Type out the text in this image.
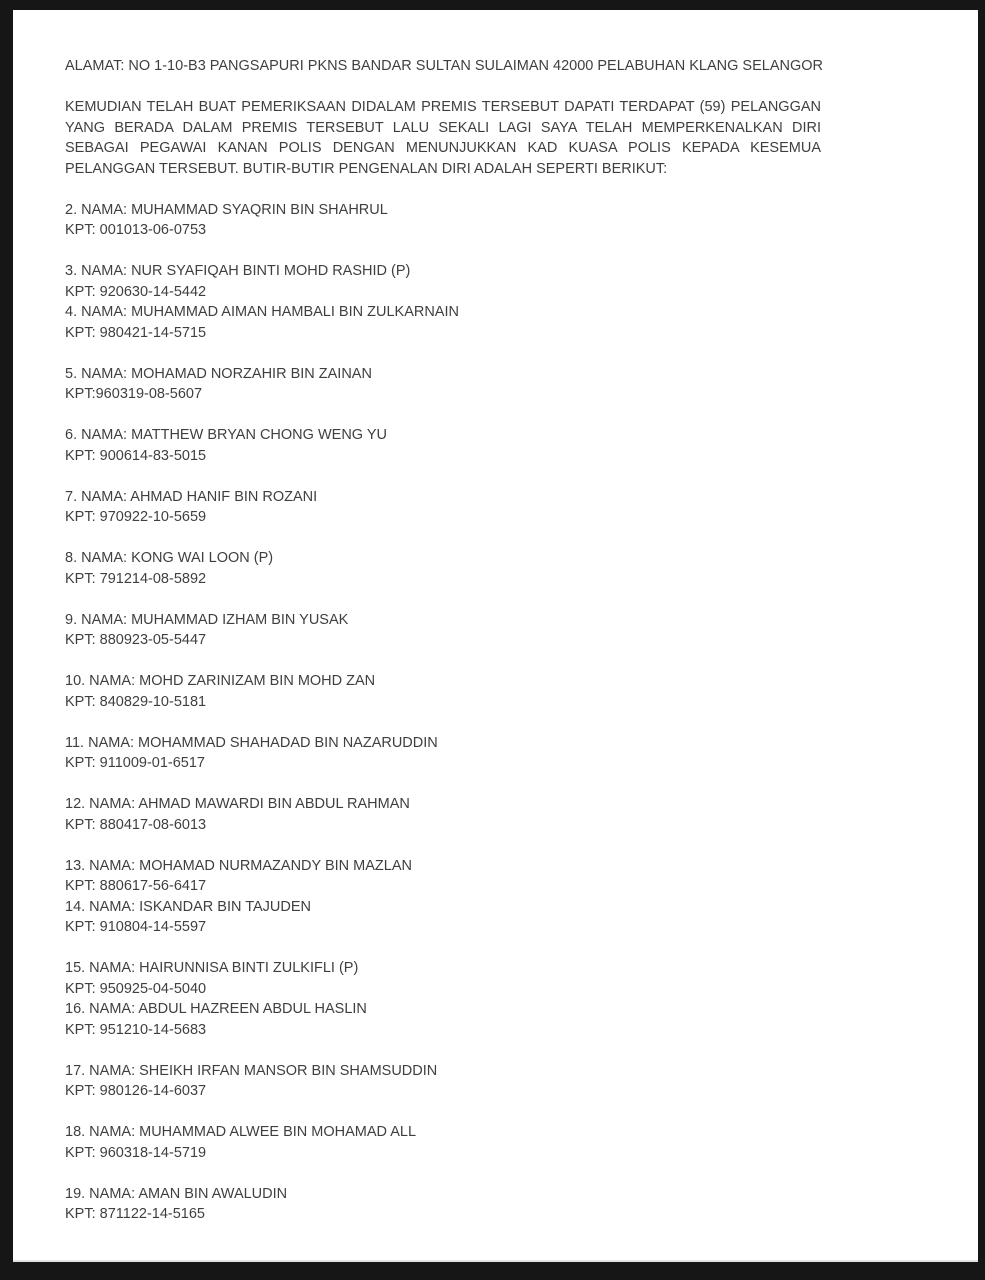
ALAMAT: NO 1-10-B3 PANGSAPURI PKNS BANDAR SULTAN SULAIMAN 42000 PELABUHAN KLANG SELANGOR

KEMUDIAN TELAH BUAT PEMERIKSAAN DIDALAM PREMIS TERSEBUT DAPATI TERDAPAT (59) PELANGGAN YANG BERADA DALAM PREMIS TERSEBUT LALU SEKALI LAGI SAYA TELAH MEMPERKENALKAN DIRI SEBAGAI PEGAWAI KANAN POLIS DENGAN MENUNJUKKAN KAD KUASA POLIS KEPADA KESEMUA PELANGGAN TERSEBUT. BUTIR-BUTIR PENGENALAN DIRI ADALAH SEPERTI BERIKUT:

2. NAMA: MUHAMMAD SYAQRIN BIN SHAHRUL
KPT: 001013-06-0753
3. NAMA: NUR SYAFIQAH BINTI MOHD RASHID (P)
KPT: 920630-14-5442
4. NAMA: MUHAMMAD AIMAN HAMBALI BIN ZULKARNAIN
KPT: 980421-14-5715
5. NAMA: MOHAMAD NORZAHIR BIN ZAINAN
KPT:960319-08-5607
6. NAMA: MATTHEW BRYAN CHONG WENG YU
KPT: 900614-83-5015
7. NAMA: AHMAD HANIF BIN ROZANI
KPT: 970922-10-5659
8. NAMA: KONG WAI LOON (P)
KPT: 791214-08-5892
9. NAMA: MUHAMMAD IZHAM BIN YUSAK
KPT: 880923-05-5447
10. NAMA: MOHD ZARINIZAM BIN MOHD ZAN
KPT: 840829-10-5181
11. NAMA: MOHAMMAD SHAHADAD BIN NAZARUDDIN
KPT: 911009-01-6517
12. NAMA: AHMAD MAWARDI BIN ABDUL RAHMAN
KPT: 880417-08-6013
13. NAMA: MOHAMAD NURMAZANDY BIN MAZLAN
KPT: 880617-56-6417
14. NAMA: ISKANDAR BIN TAJUDEN
KPT: 910804-14-5597
15. NAMA: HAIRUNNISA BINTI ZULKIFLI (P)
KPT: 950925-04-5040
16. NAMA: ABDUL HAZREEN ABDUL HASLIN
KPT: 951210-14-5683
17. NAMA: SHEIKH IRFAN MANSOR BIN SHAMSUDDIN
KPT: 980126-14-6037
18. NAMA: MUHAMMAD ALWEE BIN MOHAMAD ALL
KPT: 960318-14-5719
19. NAMA: AMAN BIN AWALUDIN
KPT: 871122-14-5165
